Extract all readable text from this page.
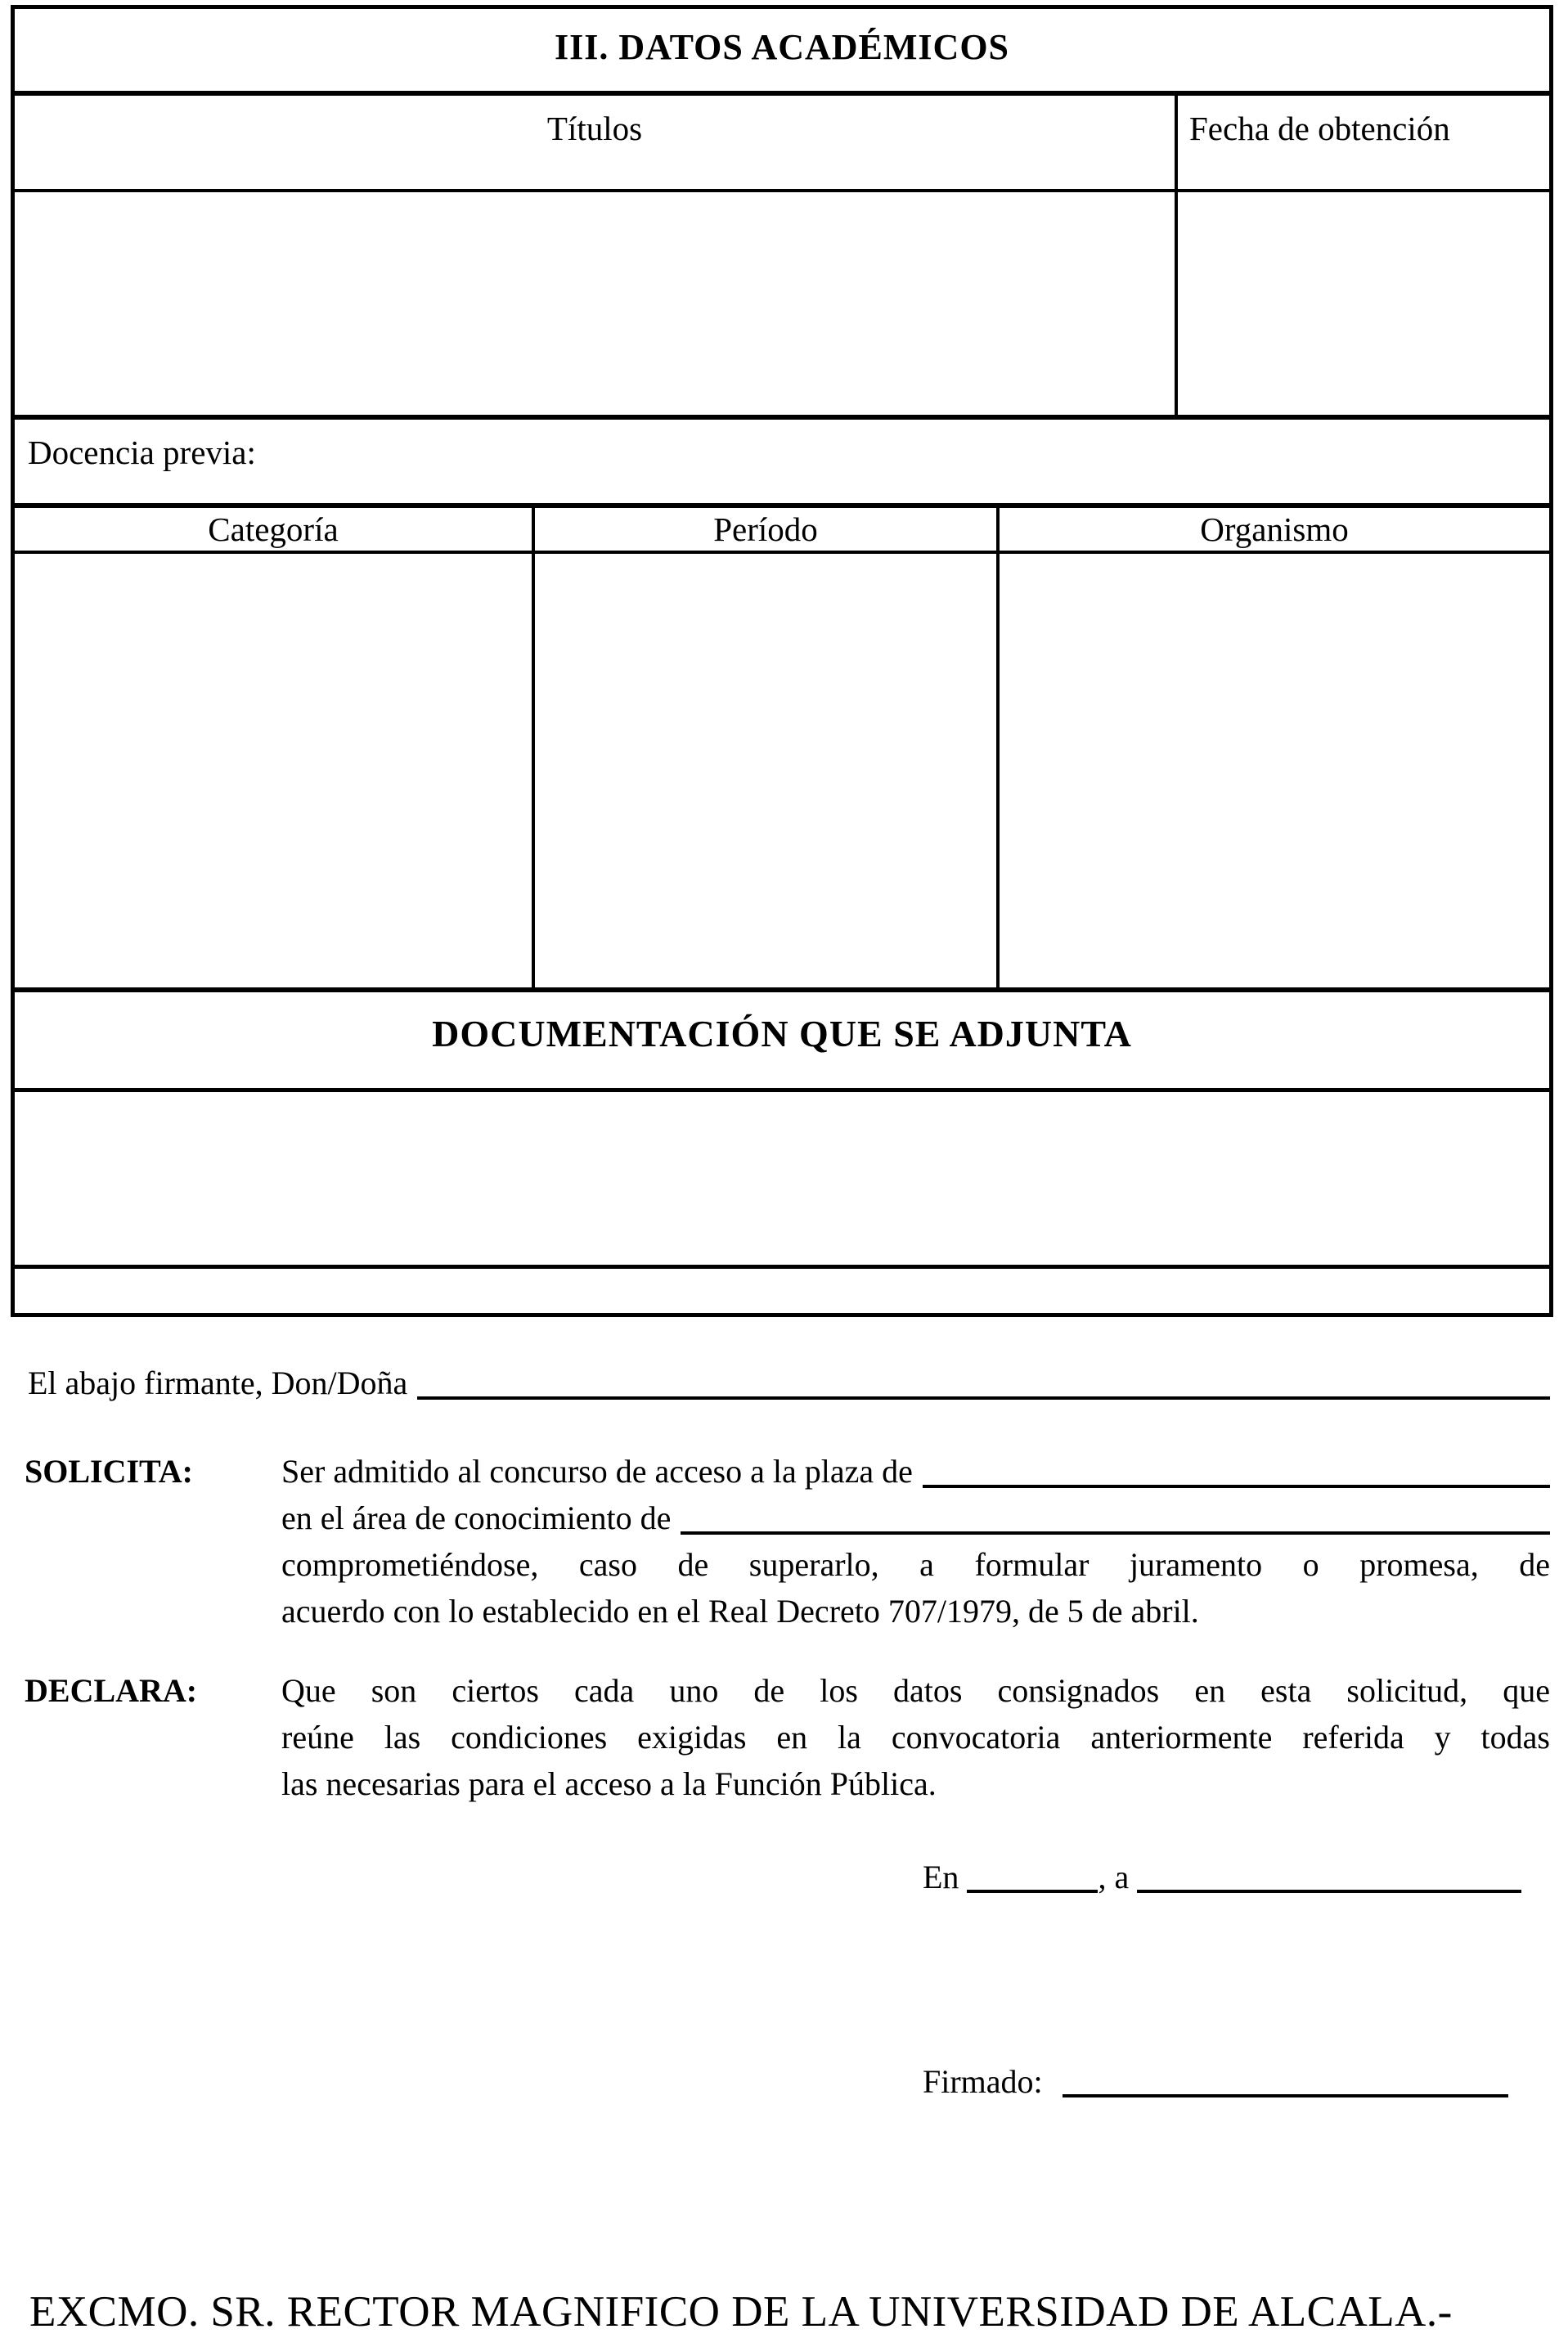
III. DATOS ACADÉMICOS
Títulos	Fecha de obtención
Docencia previa:
Categoría	Período	Organismo
DOCUMENTACIÓN QUE SE ADJUNTA
El abajo firmante, Don/Doña
SOLICITA:	Ser admitido al concurso de acceso a la plaza de
en el área de conocimiento de
comprometiéndose, caso de superarlo, a formular juramento o promesa, de
acuerdo con lo establecido en el Real Decreto 707/1979, de 5 de abril.
DECLARA:	Que son ciertos cada uno de los datos consignados en esta solicitud, que
reúne las condiciones exigidas en la convocatoria anteriormente referida y todas
las necesarias para el acceso a la Función Pública.
En	, a
Firmado:
EXCMO. SR. RECTOR MAGNIFICO DE LA UNIVERSIDAD DE ALCALA.-
